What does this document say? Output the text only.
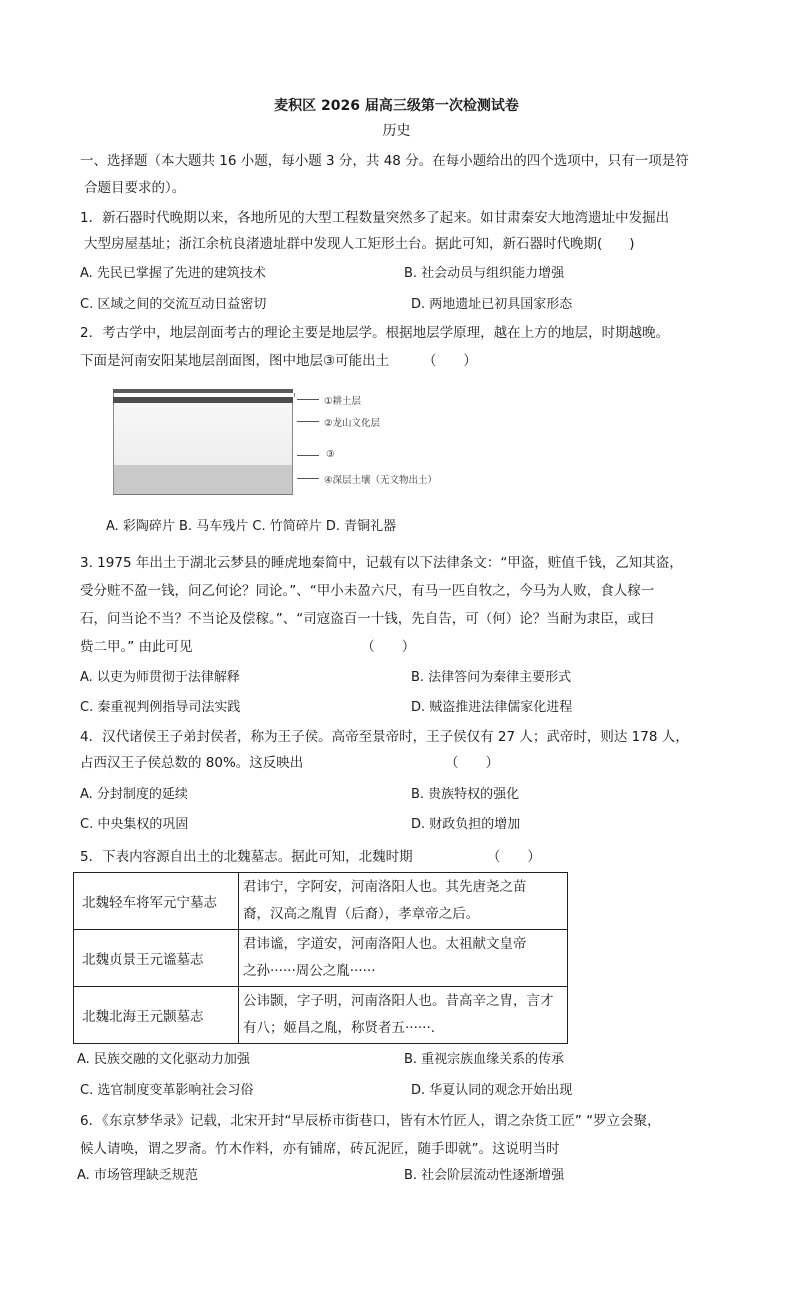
麦积区 2026 届高三级第一次检测试卷
历史
一、选择题（本大题共 16 小题，每小题 3 分，共 48 分。在每小题给出的四个选项中，只有一项是符
合题目要求的）。
1．新石器时代晚期以来，各地所见的大型工程数量突然多了起来。如甘肃秦安大地湾遗址中发掘出
大型房屋基址；浙江余杭良渚遗址群中发现人工矩形土台。据此可知，新石器时代晚期(　　)
A. 先民已掌握了先进的建筑技术	B. 社会动员与组织能力增强
C. 区域之间的交流互动日益密切	D. 两地遗址已初具国家形态
2．考古学中，地层剖面考古的理论主要是地层学。根据地层学原理，越在上方的地层，时期越晚。
下面是河南安阳某地层剖面图，图中地层③可能出土　　　（　　）
①耕土层
②龙山文化层
③
④深层土壤（无文物出土）
A. 彩陶碎片 B. 马车残片 C. 竹简碎片 D. 青铜礼器
3. 1975 年出土于湖北云梦县的睡虎地秦简中，记载有以下法律条文：“甲盗，赃值千钱，乙知其盗，
受分赃不盈一钱，问乙何论？同论。”、“甲小未盈六尺，有马一匹自牧之，今马为人败，食人稼一
石，问当论不当？不当论及偿稼。”、“司寇盗百一十钱，先自告，可（何）论？当耐为隶臣，或曰
赀二甲。” 由此可见　　　　　　　　　　　　　（　　）
A. 以吏为师贯彻于法律解释	B. 法律答问为秦律主要形式
C. 秦重视判例指导司法实践	D. 贼盗推进法律儒家化进程
4．汉代诸侯王子弟封侯者，称为王子侯。高帝至景帝时，王子侯仅有 27 人；武帝时，则达 178 人，
占西汉王子侯总数的 80%。这反映出　　　　　　　　　　　（　　）
A. 分封制度的延续	B. 贵族特权的强化
C. 中央集权的巩固	D. 财政负担的增加
5．下表内容源自出土的北魏墓志。据此可知，北魏时期　　　　　　（　　）
北魏轻车将军元宁墓志	君讳宁，字阿安，河南洛阳人也。其先唐尧之苗
裔，汉高之胤胄（后裔），孝章帝之后。

北魏贞景王元谧墓志	君讳谧，字道安，河南洛阳人也。太祖献文皇帝
之孙······周公之胤······

北魏北海王元颢墓志	公讳颢，字子明，河南洛阳人也。昔高辛之胄，言才
有八；姬昌之胤，称贤者五······.
A. 民族交融的文化驱动力加强	B. 重视宗族血缘关系的传承
C. 选官制度变革影响社会习俗	D. 华夏认同的观念开始出现
6．《东京梦华录》记载，北宋开封“早辰桥市街巷口，皆有木竹匠人，谓之杂货工匠” “罗立会聚，
候人请唤，谓之罗斋。竹木作料，亦有铺席，砖瓦泥匠，随手即就”。这说明当时
A. 市场管理缺乏规范	B. 社会阶层流动性逐渐增强
